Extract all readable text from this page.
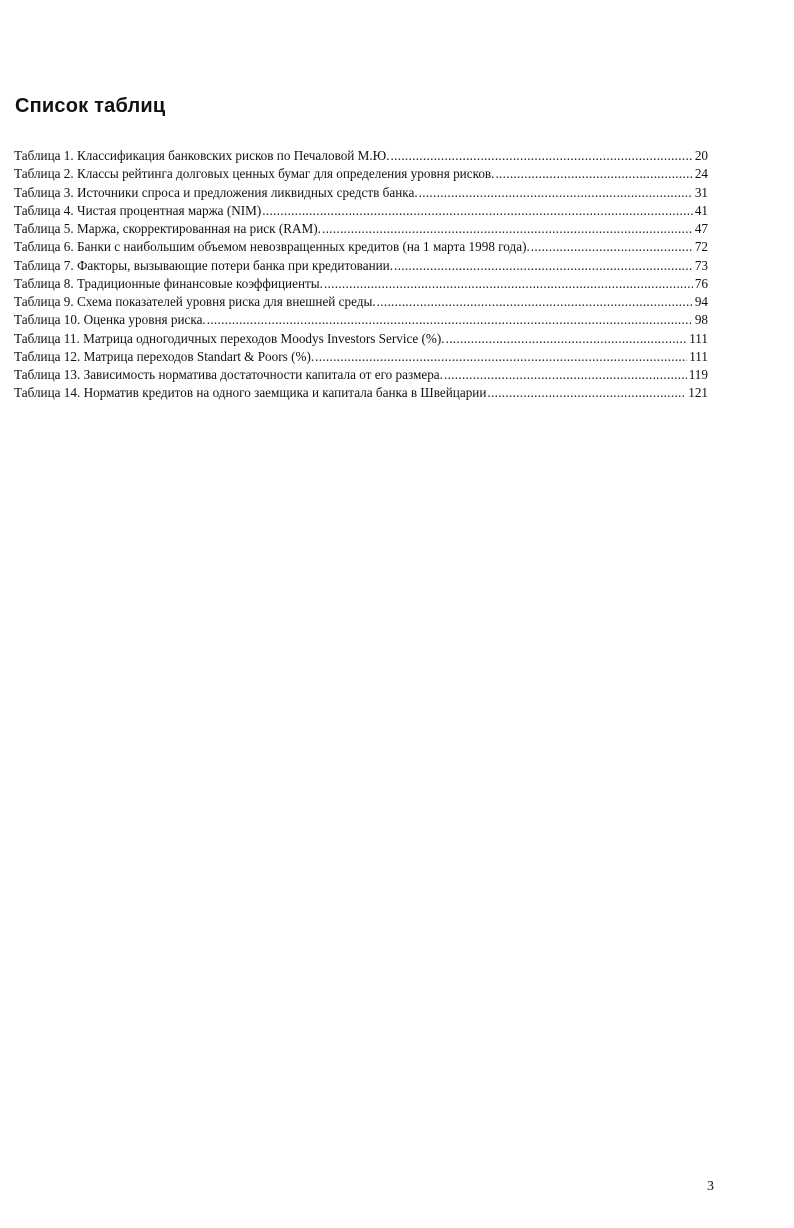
Список таблиц
Таблица 1. Классификация банковских рисков по Печаловой М.Ю. .....	20
Таблица 2. Классы рейтинга долговых ценных бумаг для определения уровня рисков. .....	24
Таблица 3. Источники спроса и предложения ликвидных средств банка. .....	31
Таблица 4. Чистая процентная маржа (NIM) .....	41
Таблица 5. Маржа, скорректированная на риск (RAM). .....	47
Таблица 6. Банки с наибольшим объемом невозвращенных кредитов (на 1 марта 1998 года). .....	72
Таблица 7. Факторы, вызывающие потери банка при кредитовании. .....	73
Таблица 8. Традиционные финансовые коэффициенты. .....	76
Таблица 9. Схема показателей уровня риска для внешней среды. .....	94
Таблица 10. Оценка уровня риска. .....	98
Таблица 11. Матрица одногодичных переходов Moodys Investors Service (%). .....	111
Таблица 12. Матрица переходов Standart & Poors (%). .....	111
Таблица 13. Зависимость норматива достаточности капитала от его размера. .....	119
Таблица 14. Норматив кредитов на одного заемщика и капитала банка в Швейцарии .....	121
3
